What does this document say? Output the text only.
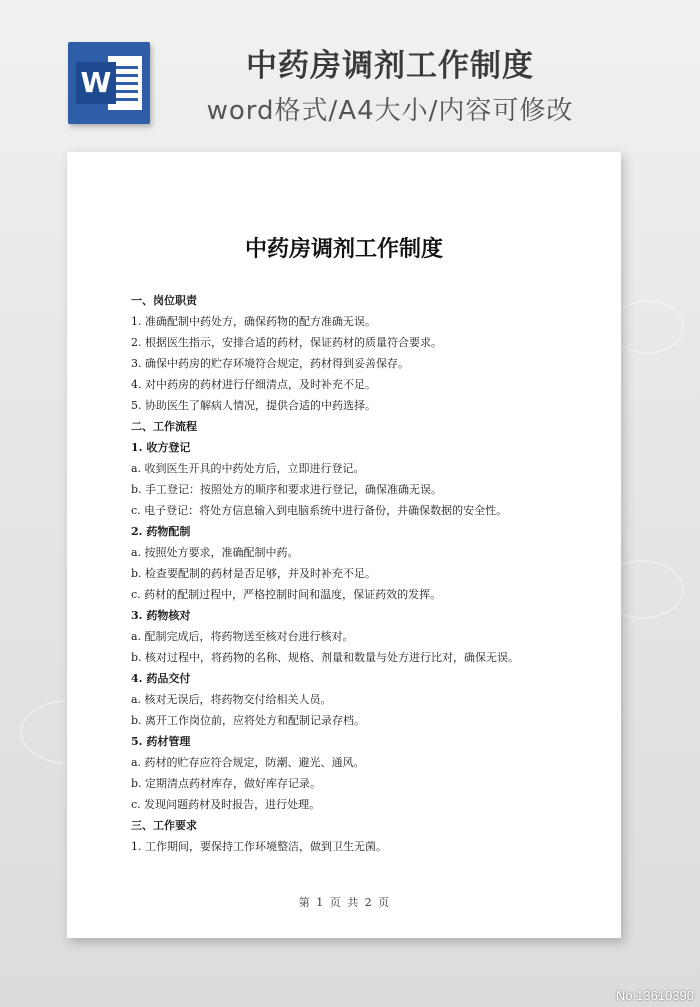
W	中药房调剂工作制度
word格式/A4大小/内容可修改
中药房调剂工作制度
一、岗位职责
1. 准确配制中药处方，确保药物的配方准确无误。
2. 根据医生指示，安排合适的药材，保证药材的质量符合要求。
3. 确保中药房的贮存环境符合规定，药材得到妥善保存。
4. 对中药房的药材进行仔细清点，及时补充不足。
5. 协助医生了解病人情况，提供合适的中药选择。
二、工作流程
1. 收方登记
a. 收到医生开具的中药处方后，立即进行登记。
b. 手工登记：按照处方的顺序和要求进行登记，确保准确无误。
c. 电子登记：将处方信息输入到电脑系统中进行备份，并确保数据的安全性。
2. 药物配制
a. 按照处方要求，准确配制中药。
b. 检查要配制的药材是否足够，并及时补充不足。
c. 药材的配制过程中，严格控制时间和温度，保证药效的发挥。
3. 药物核对
a. 配制完成后，将药物送至核对台进行核对。
b. 核对过程中，将药物的名称、规格、剂量和数量与处方进行比对，确保无误。
4. 药品交付
a. 核对无误后，将药物交付给相关人员。
b. 离开工作岗位前，应将处方和配制记录存档。
5. 药材管理
a. 药材的贮存应符合规定，防潮、避光、通风。
b. 定期清点药材库存，做好库存记录。
c. 发现问题药材及时报告，进行处理。
三、工作要求
1. 工作期间，要保持工作环境整洁，做到卫生无菌。
第 1 页 共 2 页
No:13610390
